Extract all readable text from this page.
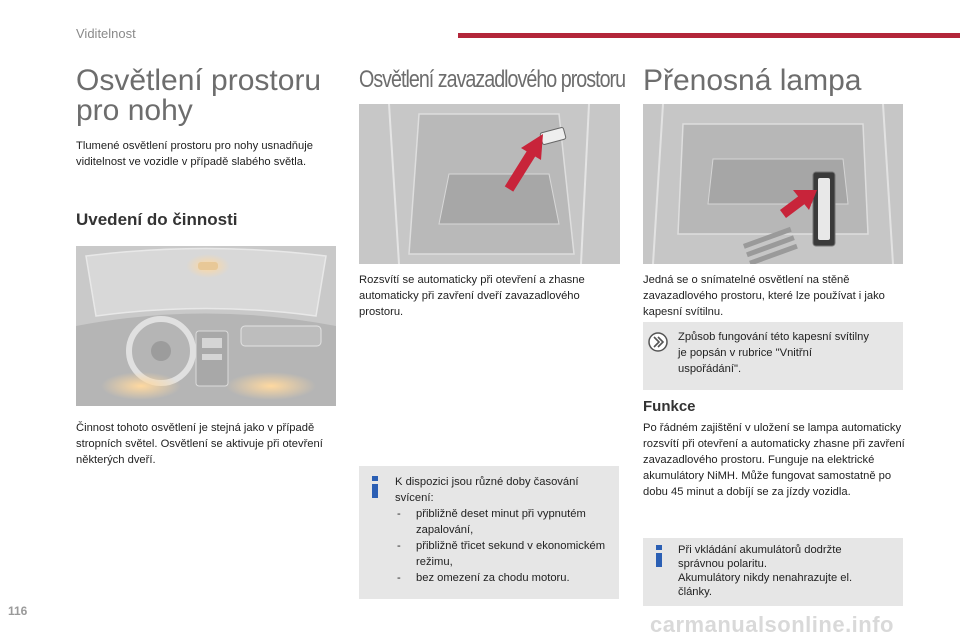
Viditelnost
Osvětlení prostoru
pro nohy
Tlumené osvětlení prostoru pro nohy usnadňuje viditelnost ve vozidle v případě slabého světla.
Uvedení do činnosti
Činnost tohoto osvětlení je stejná jako v případě stropních světel. Osvětlení se aktivuje při otevření některých dveří.
Osvětlení zavazadlového prostoru
Rozsvítí se automaticky při otevření a zhasne automaticky při zavření dveří zavazadlového prostoru.
K dispozici jsou různé doby časování svícení:
- přibližně deset minut při vypnutém zapalování,
- přibližně třicet sekund v ekonomickém režimu,
- bez omezení za chodu motoru.
Přenosná lampa
Jedná se o snímatelné osvětlení na stěně zavazadlového prostoru, které lze používat i jako kapesní svítilnu.
Způsob fungování této kapesní svítilny je popsán v rubrice "Vnitřní uspořádání".
Funkce
Po řádném zajištění v uložení se lampa automaticky rozsvítí při otevření a automaticky zhasne při zavření zavazadlového prostoru. Funguje na elektrické akumulátory NiMH. Může fungovat samostatně po dobu 45 minut a dobíjí se za jízdy vozidla.
Při vkládání akumulátorů dodržte správnou polaritu.
Akumulátory nikdy nenahrazujte el. články.
116
carmanualsonline.info
